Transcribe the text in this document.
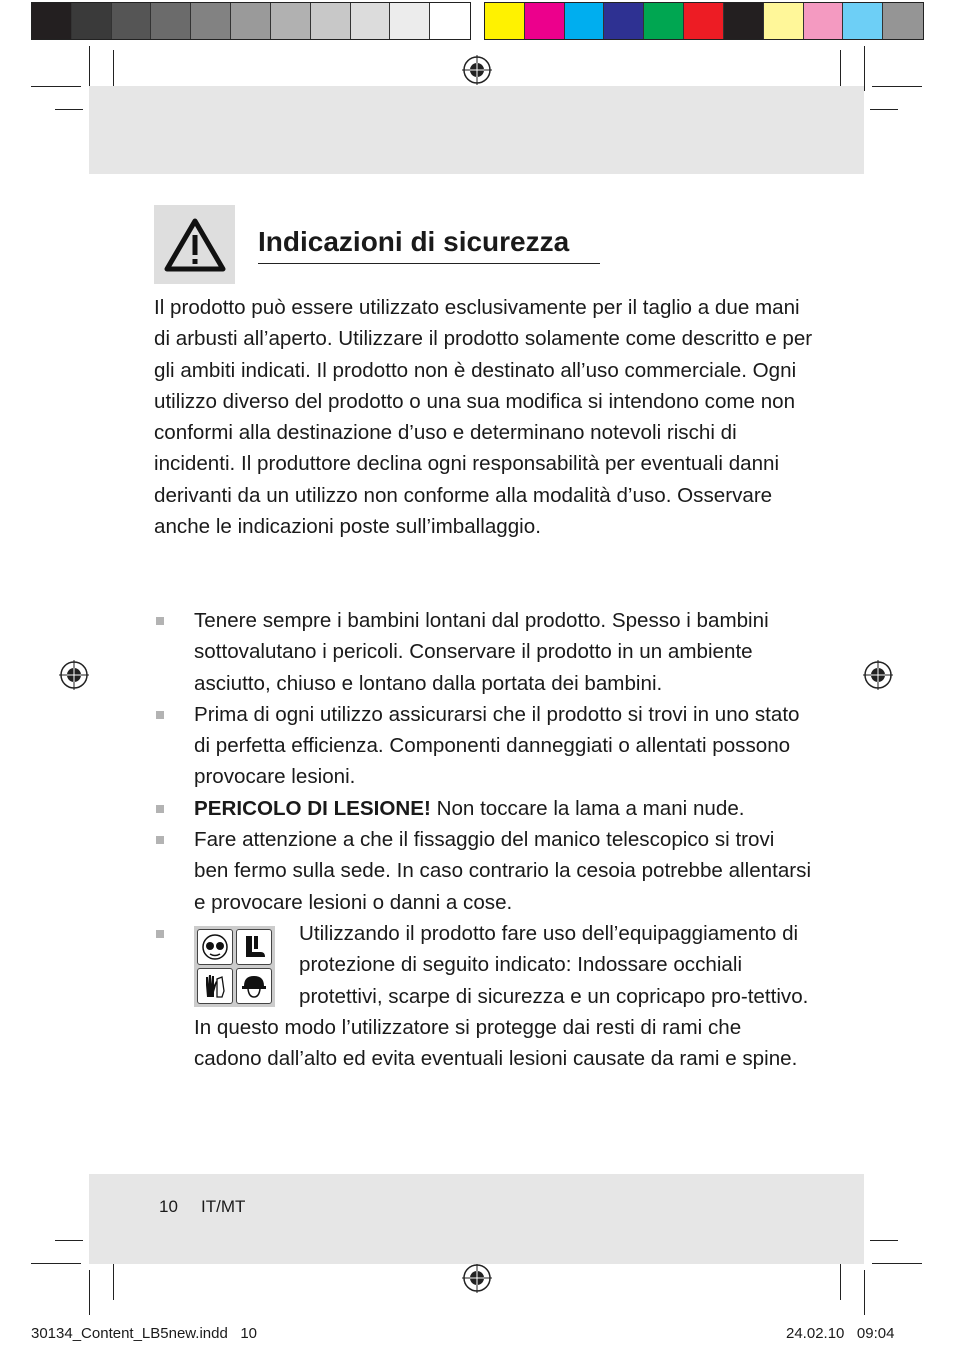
Indicazioni di sicurezza
Il prodotto può essere utilizzato esclusivamente per il taglio a due mani di arbusti all’aperto. Utilizzare il prodotto solamente come descritto e per gli ambiti indicati. Il prodotto non è destinato all’uso commerciale. Ogni utilizzo diverso del prodotto o una sua modifica si intendono come non conformi alla destinazione d’uso e determinano notevoli rischi di incidenti. Il produttore declina ogni responsabilità per eventuali danni derivanti da un utilizzo non conforme alla modalità d’uso. Osservare anche le indicazioni poste sull’imballaggio.
Tenere sempre i bambini lontani dal prodotto. Spesso i bambini sottovalutano i pericoli. Conservare il prodotto in un ambiente asciutto, chiuso e lontano dalla portata dei bambini.
Prima di ogni utilizzo assicurarsi che il prodotto si trovi in uno stato di perfetta efficienza. Componenti danneggiati o allentati possono provocare lesioni.
PERICOLO DI LESIONE! Non toccare la lama a mani nude.
Fare attenzione a che il fissaggio del manico telescopico si trovi ben fermo sulla sede. In caso contrario la cesoia potrebbe allentarsi e provocare lesioni o danni a cose.
Utilizzando il prodotto fare uso dell’equipaggiamento di protezione di seguito indicato: Indossare occhiali protettivi, scarpe di sicurezza e un copricapo pro-tettivo. In questo modo l’utilizzatore si protegge dai resti di rami che cadono dall’alto ed evita eventuali lesioni causate da rami e spine.
10 IT/MT
30134_Content_LB5new.indd   10	24.02.10   09:04
